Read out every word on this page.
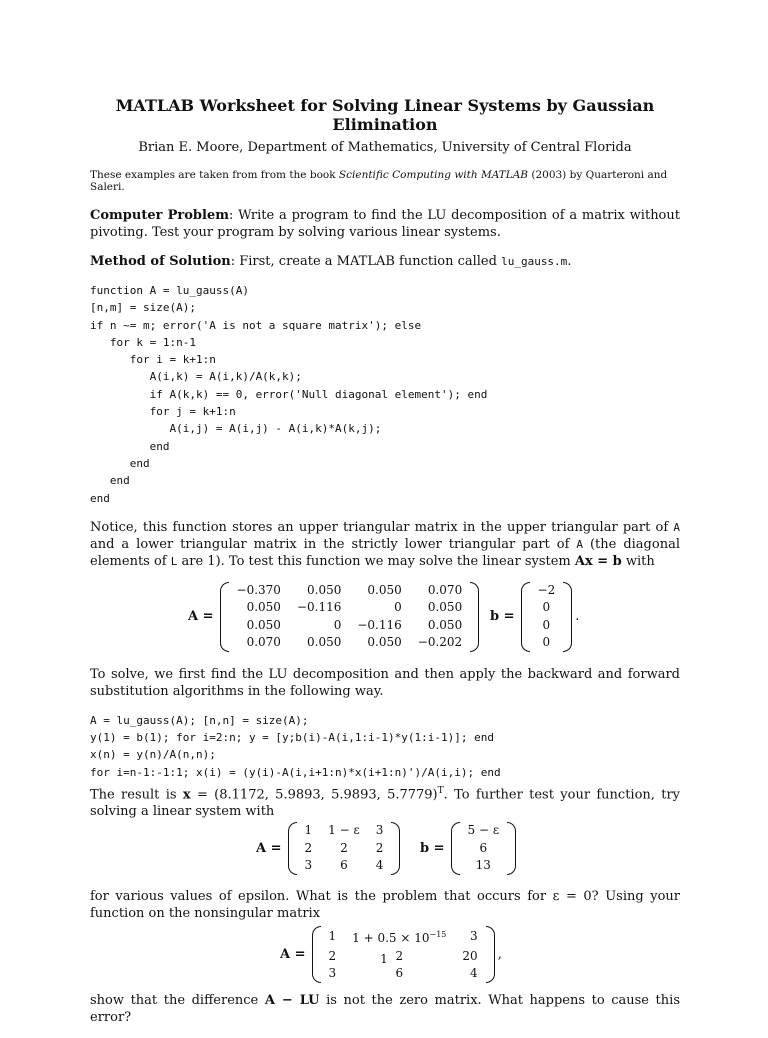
MATLAB Worksheet for Solving Linear Systems by Gaussian Elimination
Brian E. Moore, Department of Mathematics, University of Central Florida
These examples are taken from from the book Scientific Computing with MATLAB (2003) by Quarteroni and Saleri.

Computer Problem: Write a program to find the LU decomposition of a matrix without pivoting. Test your program by solving various linear systems.

Method of Solution: First, create a MATLAB function called lu_gauss.m.

function A = lu_gauss(A)
[n,m] = size(A);
if n ~= m; error('A is not a square matrix'); else
for k = 1:n-1
for i = k+1:n
A(i,k) = A(i,k)/A(k,k);
if A(k,k) == 0, error('Null diagonal element'); end
for j = k+1:n
A(i,j) = A(i,j) - A(i,k)*A(k,j);
end
end
end
end

Notice, this function stores an upper triangular matrix in the upper triangular part of A and a lower triangular matrix in the strictly lower triangular part of A (the diagonal elements of L are 1). To test this function we may solve the linear system Ax = b with

A =
−0.370	0.050	0.050	0.070
0.050	−0.116	0	0.050
0.050	0	−0.116	0.050
0.070	0.050	0.050	−0.202
b =
−2
0
0
0
.

To solve, we first find the LU decomposition and then apply the backward and forward substitution algorithms in the following way.

A = lu_gauss(A); [n,n] = size(A);
y(1) = b(1); for i=2:n; y = [y;b(i)-A(i,1:i-1)*y(1:i-1)]; end
x(n) = y(n)/A(n,n);
for i=n-1:-1:1; x(i) = (y(i)-A(i,i+1:n)*x(i+1:n)')/A(i,i); end

The result is x = (8.1172, 5.9893, 5.9893, 5.7779)$^T$. To further test your function, try solving a linear system with

A =
1	1 − ε	3
2	2	2
3	6	4
b =
5 − ε
6
13

for various values of epsilon. What is the problem that occurs for ε = 0? Using your function on the nonsingular matrix

A =
1	$1 + 0.5 \times 10^{-15}$	3
2	2	20
3	6	4
,

show that the difference A − LU is not the zero matrix. What happens to cause this error?

1
